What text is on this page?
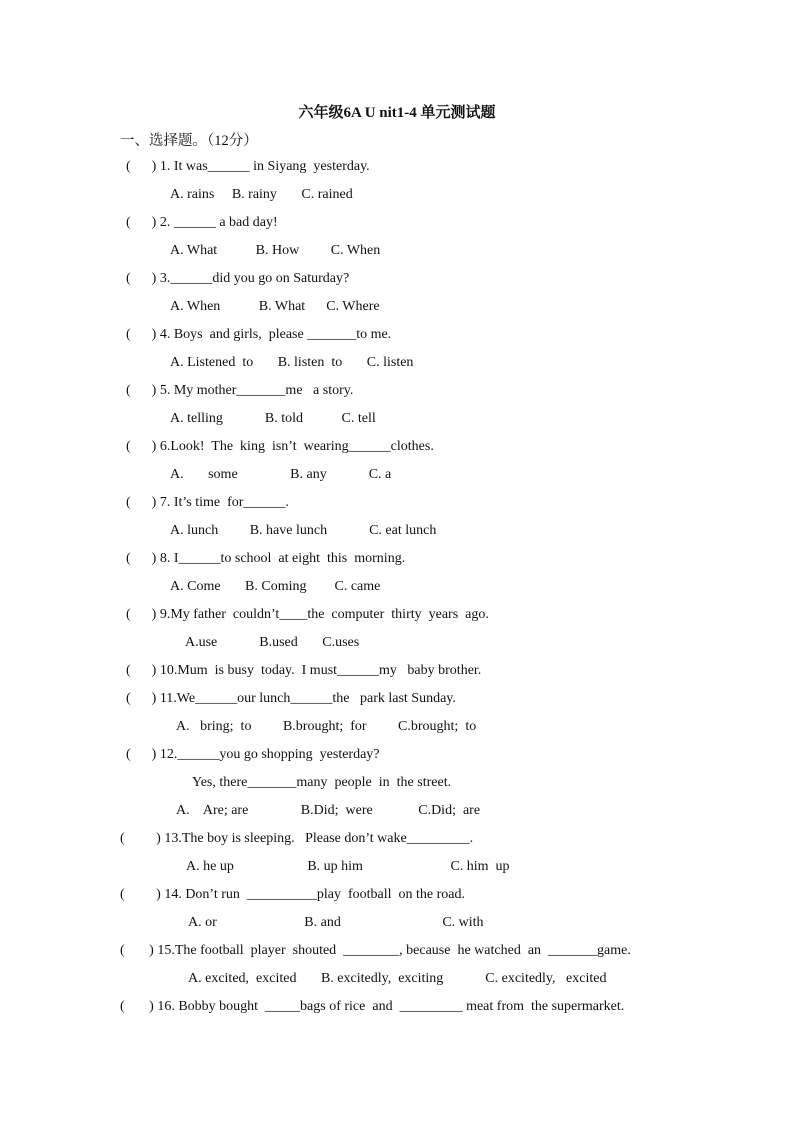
六年级6A U nit1-4 单元测试题
一、选择题。（12分）
(      ) 1. It was______ in Siyang  yesterday.
A. rains     B. rainy       C. rained
(      ) 2. ______ a bad day!
A. What           B. How         C. When
(      ) 3.______did you go on Saturday?
A. When           B. What      C. Where
(      ) 4. Boys  and girls,  please _______to me.
A. Listened  to       B. listen  to       C. listen
(      ) 5. My mother_______me   a story.
A. telling            B. told           C. tell
(      ) 6.Look!  The  king  isn’t  wearing______clothes.
A.       some               B. any            C. a
(      ) 7. It’s time  for______.
A. lunch         B. have lunch            C. eat lunch
(      ) 8. I______to school  at eight  this  morning.
A. Come       B. Coming        C. came
(      ) 9.My father  couldn’t____the  computer  thirty  years  ago.
A.use            B.used       C.uses
(      ) 10.Mum  is busy  today.  I must______my   baby brother.
(      ) 11.We______our lunch______the   park last Sunday.
A.   bring;  to         B.brought;  for         C.brought;  to
(      ) 12.______you go shopping  yesterday?
Yes, there_______many  people  in  the street.
A.    Are; are               B.Did;  were             C.Did;  are
(         ) 13.The boy is sleeping.   Please don’t wake_________.
A. he up                     B. up him                         C. him  up
(         ) 14. Don’t run  __________play  football  on the road.
A. or                         B. and                             C. with
(       ) 15.The football  player  shouted  ________, because  he watched  an  _______game.
A. excited,  excited       B. excitedly,  exciting            C. excitedly,   excited
(       ) 16. Bobby bought  _____bags of rice  and  _________ meat from  the supermarket.
